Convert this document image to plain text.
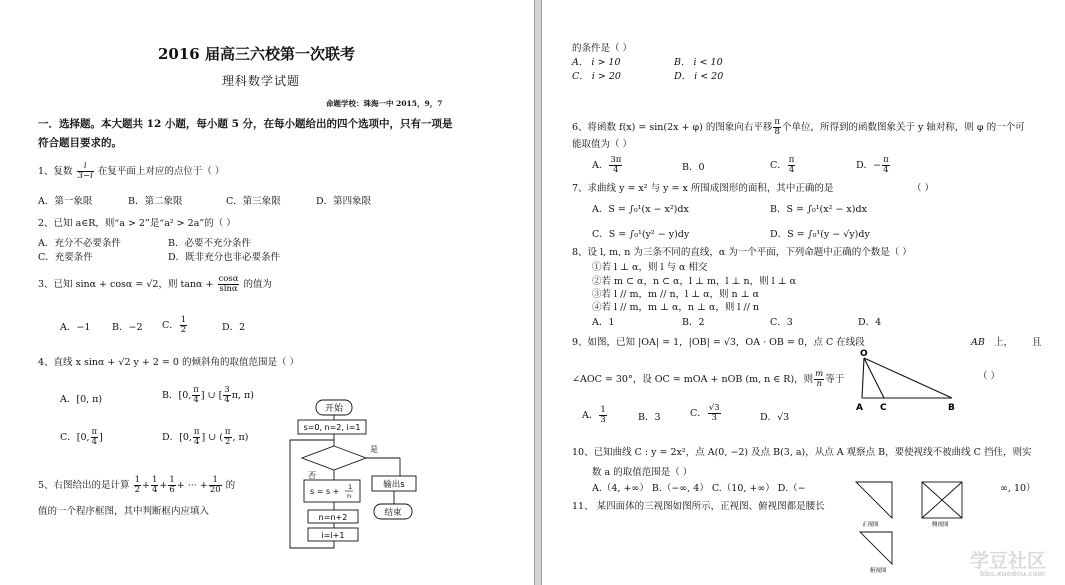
2016 届高三六校第一次联考
理科数学试题
命题学校：珠海一中 2015，9，7
一．选择题。本大题共 12 小题，每小题 5 分，在每小题给出的四个选项中，只有一项是
符合题目要求的。
1、复数 $\frac{i}{3-i}$ 在复平面上对应的点位于（ ）
A．第一象限	B．第二象限	C．第三象限	D．第四象限
2、已知 a∈R，则“a > 2”是“a² > 2a”的（ ）
A．充分不必要条件	B．必要不充分条件
C．充要条件	D．既非充分也非必要条件
3、已知 sinα + cosα = √2，则 $\tan\alpha + \frac{\cos\alpha}{\sin\alpha}$ 的值为
A．−1 B．−2 C． $\frac{1}{2}$	D．2
4、直线 x sinα + √2 y + 2 = 0 的倾斜角的取值范围是（ ）
A．[0, π)	B．[0, $\frac{\pi}{4}$ ] ∪ [ $\frac{3}{4} \pi$, π)
C．[0, $\frac{\pi}{4}$ ]	D．[0, $\frac{\pi}{4}$ ] ∪ ( $\frac{\pi}{2}$ , π)
5、右图给出的是计算 $\frac{1}{2} + \frac{1}{4} + \frac{1}{6}$ + ··· + $\frac{1}{20}$ 的
值的一个程序框图，其中判断框内应填入
开始
s=0, n=2, i=1
是
否
s = s + 1
n
输出s
结束
n=n+2
i=i+1
的条件是（ ）
A． i > 10	B． i < 10
C． i > 20	D． i < 20
6、将函数 f(x) = sin(2x + φ) 的图象向右平移 $\frac{\pi}{8}$ 个单位，所得到的函数图象关于 y 轴对称，则 φ 的一个可
能取值为（ ）
A． $\frac{3\pi}{4}$	B．0	C． $\frac{\pi}{4}$	D．− $\frac{\pi}{4}$
7、求曲线 y = x² 与 y = x 所围成图形的面积，其中正确的是	（ ）
A．S = ∫₀¹(x − x²)dx	B．S = ∫₀¹(x² − x)dx
C．S = ∫₀¹(y² − y)dy	D．S = ∫₀¹(y − √y)dy
8、设 l, m, n 为三条不同的直线，α 为一个平面，下列命题中正确的个数是（ ）
①若 l ⊥ α，则 l 与 α 相交
②若 m ⊂ α，n ⊂ α，l ⊥ m，l ⊥ n，则 l ⊥ α
③若 l // m，m // n，l ⊥ α，则 n ⊥ α
④若 l // m，m ⊥ α，n ⊥ α，则 l // n
A．1	B．2	C．3	D．4
9、如图，已知 |OA| = 1，|OB| = √3，OA · OB = 0，点 C 在线段	AB 上， 且
∠AOC = 30°，设 OC = mOA + nOB (m, n ∈ R)，则 $\frac{m}{n}$ 等于	（ ）
O
A C	B
A． $\frac{1}{3}$	B．3	C． $\frac{√3}{3}$	D．√3
10、已知曲线 C : y = 2x²，点 A(0, −2) 及点 B(3, a)，从点 A 观察点 B，要使视线不被曲线 C 挡住，则实
数 a 的取值范围是（ ）
A.（4, +∞） B.（−∞, 4） C.（10, +∞） D.（−	∞, 10）
11、 某四面体的三视图如图所示，正视图、俯视图都是腰长
正视图	侧视图
俯视图	学豆社区
bbs.xuedou.com
